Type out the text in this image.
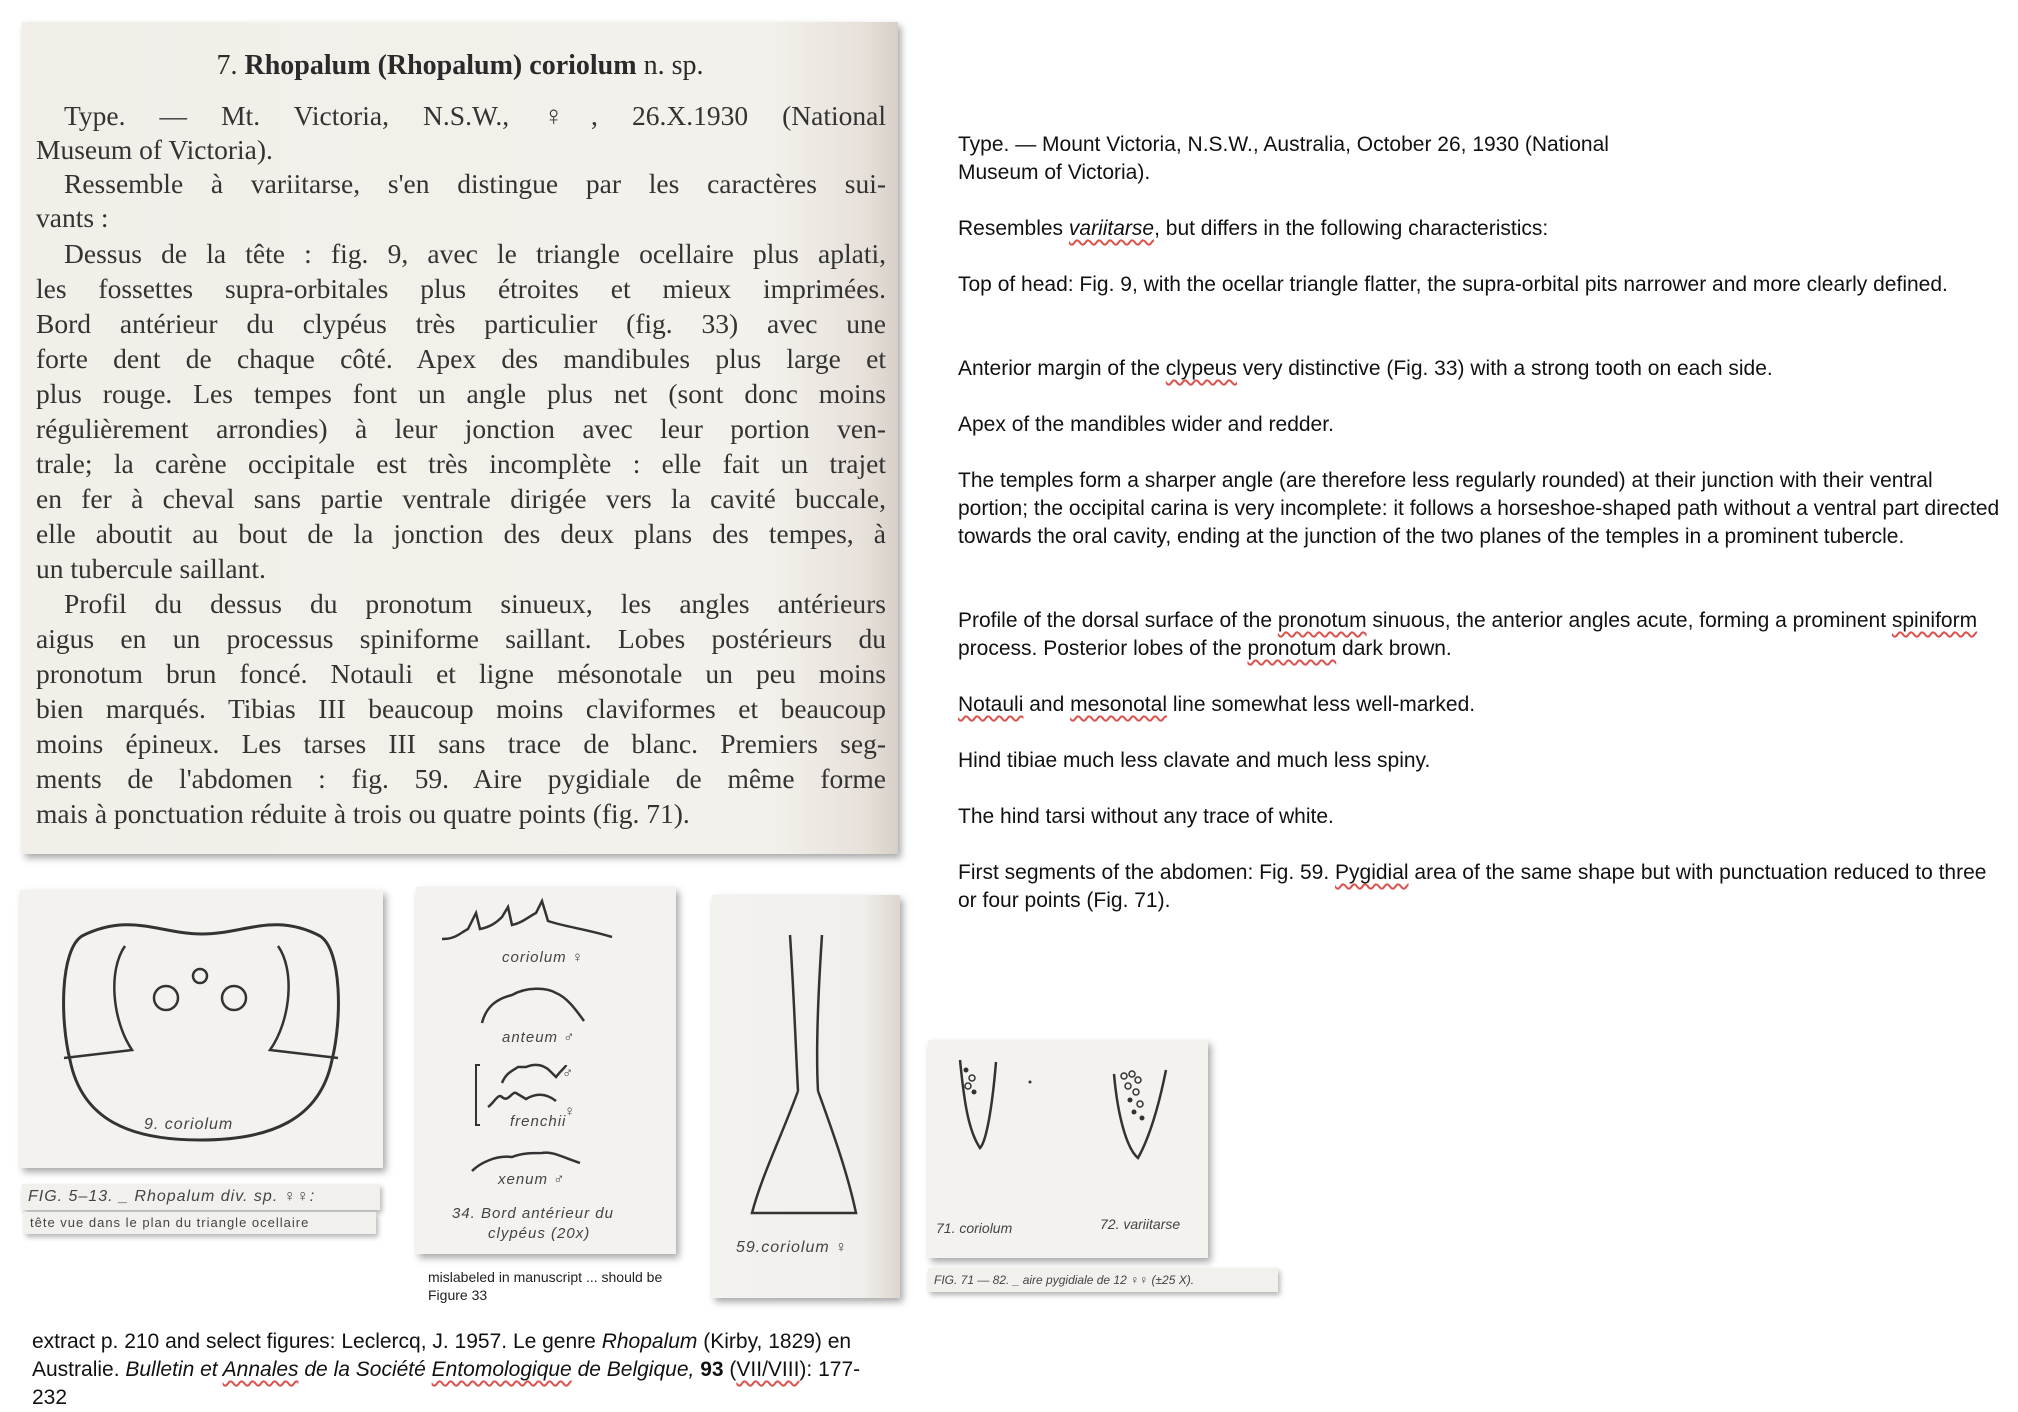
7. Rhopalum (Rhopalum) coriolum n. sp.
Type. — Mt. Victoria, N.S.W., ♀, 26.X.1930 (National
Museum of Victoria).
Ressemble à variitarse, s'en distingue par les caractères sui-
vants :
Dessus de la tête : fig. 9, avec le triangle ocellaire plus aplati,
les fossettes supra-orbitales plus étroites et mieux imprimées.
Bord antérieur du clypéus très particulier (fig. 33) avec une
forte dent de chaque côté. Apex des mandibules plus large et
plus rouge. Les tempes font un angle plus net (sont donc moins
régulièrement arrondies) à leur jonction avec leur portion ven-
trale; la carène occipitale est très incomplète : elle fait un trajet
en fer à cheval sans partie ventrale dirigée vers la cavité buccale,
elle aboutit au bout de la jonction des deux plans des tempes, à
un tubercule saillant.
Profil du dessus du pronotum sinueux, les angles antérieurs
aigus en un processus spiniforme saillant. Lobes postérieurs du
pronotum brun foncé. Notauli et ligne mésonotale un peu moins
bien marqués. Tibias III beaucoup moins claviformes et beaucoup
moins épineux. Les tarses III sans trace de blanc. Premiers seg-
ments de l'abdomen : fig. 59. Aire pygidiale de même forme
mais à ponctuation réduite à trois ou quatre points (fig. 71).
Type. — Mount Victoria, N.S.W., Australia, October 26, 1930 (National
Museum of Victoria).
Resembles variitarse, but differs in the following characteristics:
Top of head: Fig. 9, with the ocellar triangle flatter, the supra-orbital pits narrower and more clearly defined.
Anterior margin of the clypeus very distinctive (Fig. 33) with a strong tooth on each side.
Apex of the mandibles wider and redder.
The temples form a sharper angle (are therefore less regularly rounded) at their junction with their ventral portion; the occipital carina is very incomplete: it follows a horseshoe-shaped path without a ventral part directed towards the oral cavity, ending at the junction of the two planes of the temples in a prominent tubercle.
Profile of the dorsal surface of the pronotum sinuous, the anterior angles acute, forming a prominent spiniform process. Posterior lobes of the pronotum dark brown.
Notauli and mesonotal line somewhat less well-marked.
Hind tibiae much less clavate and much less spiny.
The hind tarsi without any trace of white.
First segments of the abdomen: Fig. 59. Pygidial area of the same shape but with punctuation reduced to three or four points (Fig. 71).
9. coriolum
FIG. 5–13. _ Rhopalum div. sp. ♀♀:
tête vue dans le plan du triangle ocellaire
coriolum ♀
anteum ♂
♂
♀
frenchii
xenum ♂
34. Bord antérieur du
clypéus (20x)
mislabeled in manuscript ... should be Figure 33
59.coriolum ♀
71. coriolum	72. variitarse
FIG. 71 — 82. _ aire pygidiale de 12 ♀♀ (±25 X).
extract p. 210 and select figures: Leclercq, J. 1957. Le genre Rhopalum (Kirby, 1829) en Australie. Bulletin et Annales de la Société Entomologique de Belgique, 93 (VII/VIII): 177-232
